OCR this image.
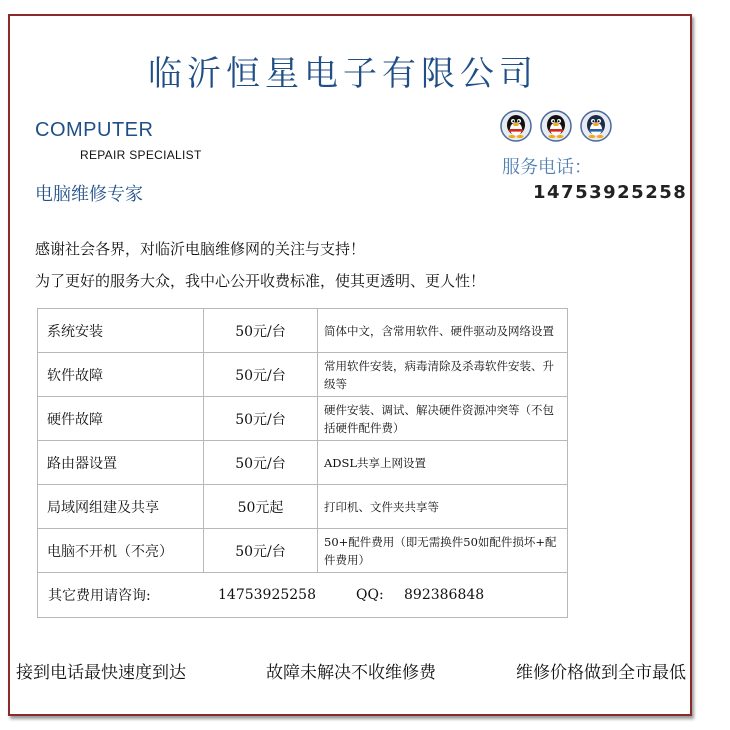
临沂恒星电子有限公司
COMPUTER
REPAIR SPECIALIST
电脑维修专家
服务电话：
14753925258
感谢社会各界，对临沂电脑维修网的关注与支持！
为了更好的服务大众，我中心公开收费标准，使其更透明、更人性！
系统安装	50元/台	简体中文，含常用软件、硬件驱动及网络设置
软件故障	50元/台	常用软件安装，病毒清除及杀毒软件安装、升级等
硬件故障	50元/台	硬件安装、调试、解决硬件资源冲突等（不包括硬件配件费）
路由器设置	50元/台	ADSL共享上网设置
局域网组建及共享	50元起	打印机、文件夹共享等
电脑不开机（不亮）	50元/台	50+配件费用（即无需换件50如配件损坏+配件费用）

其它费用请咨询: 14753925258 QQ: 892386848		
接到电话最快速度到达	故障未解决不收维修费	维修价格做到全市最低
